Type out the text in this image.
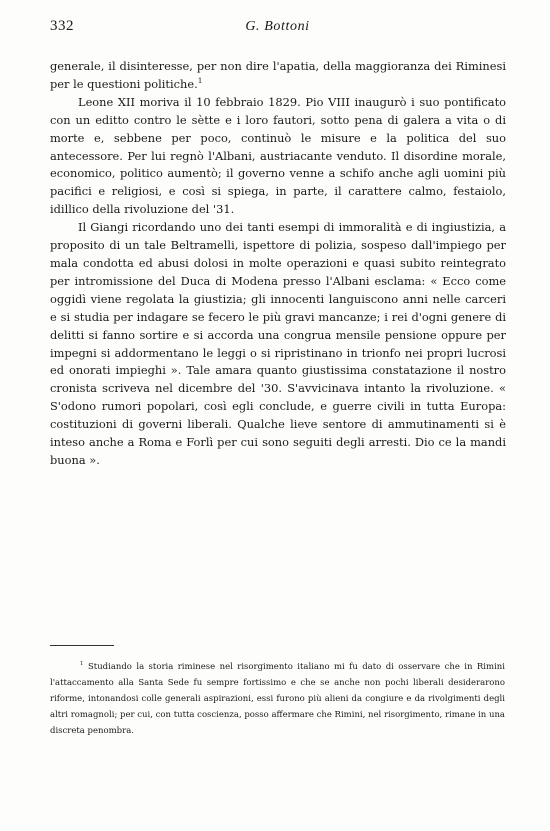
332	G. Bottoni

generale, il disinteresse, per non dire l'apatia, della maggioranza dei Riminesi per le questioni politiche.$^1$

Leone XII moriva il 10 febbraio 1829. Pio VIII inaugurò i suo pontificato con un editto contro le sètte e i loro fautori, sotto pena di galera a vita o di morte e, sebbene per poco, continuò le misure e la politica del suo antecessore. Per lui regnò l'Albani, austriacante venduto. Il disordine morale, economico, politico aumentò; il governo venne a schifo anche agli uomini più pacifici e religiosi, e così si spiega, in parte, il carattere calmo, festaiolo, idillico della rivoluzione del '31.

Il Giangi ricordando uno dei tanti esempi di immoralità e di ingiustizia, a proposito di un tale Beltramelli, ispettore di polizia, sospeso dall'impiego per mala condotta ed abusi dolosi in molte operazioni e quasi subito reintegrato per intromissione del Duca di Modena presso l'Albani esclama: « Ecco come oggidì viene regolata la giustizia; gli innocenti languiscono anni nelle carceri e si studia per indagare se fecero le più gravi mancanze; i rei d'ogni genere di delitti si fanno sortire e si accorda una congrua mensile pensione oppure per impegni si addormentano le leggi o si ripristinano in trionfo nei propri lucrosi ed onorati impieghi ». Tale amara quanto giustissima constatazione il nostro cronista scriveva nel dicembre del '30. S'avvicinava intanto la rivoluzione. « S'odono rumori popolari, così egli conclude, e guerre civili in tutta Europa: costituzioni di governi liberali. Qualche lieve sentore di ammutinamenti si è inteso anche a Roma e Forlì per cui sono seguiti degli arresti. Dio ce la mandi buona ».

$^1$ Studiando la storia riminese nel risorgimento italiano mi fu dato di osservare che in Rimini l'attaccamento alla Santa Sede fu sempre fortissimo e che se anche non pochi liberali desiderarono riforme, intonandosi colle generali aspirazioni, essi furono più alieni da congiure e da rivolgimenti degli altri romagnoli; per cui, con tutta coscienza, posso affermare che Rimini, nel risorgimento, rimane in una discreta penombra.
